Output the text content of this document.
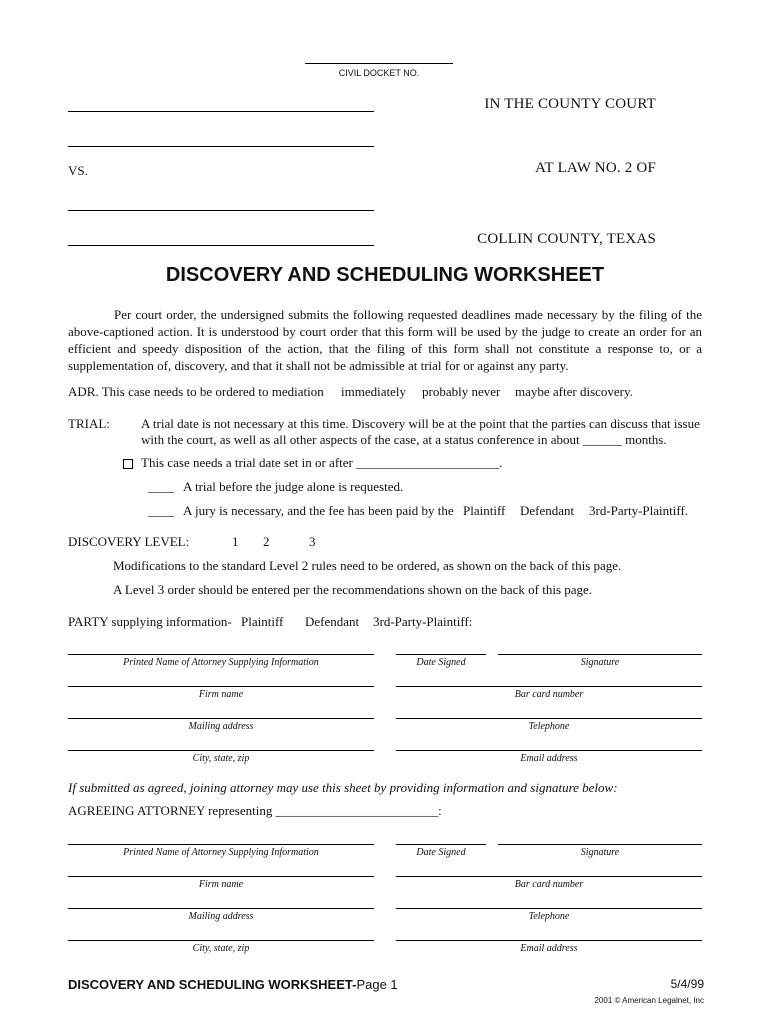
CIVIL DOCKET NO.
VS.
IN THE COUNTY COURT
AT LAW NO. 2 OF
COLLIN COUNTY, TEXAS
DISCOVERY AND SCHEDULING WORKSHEET
Per court order, the undersigned submits the following requested deadlines made necessary by the filing of the above-captioned action. It is understood by court order that this form will be used by the judge to create an order for an efficient and speedy disposition of the action, that the filing of this form shall not constitute a response to, or a supplementation of, discovery, and that it shall not be admissible at trial for or against any party.
ADR. This case needs to be ordered to mediation immediately probably never maybe after discovery.
TRIAL: A trial date is not necessary at this time. Discovery will be at the point that the parties can discuss that issue
with the court, as well as all other aspects of the case, at a status conference in about ______ months.
This case needs a trial date set in or after ______________________.
____   A trial before the judge alone is requested.
____   A jury is necessary, and the fee has been paid by the Plaintiff Defendant 3rd-Party-Plaintiff.
DISCOVERY LEVEL:	1 2	3
Modifications to the standard Level 2 rules need to be ordered, as shown on the back of this page.
A Level 3 order should be entered per the recommendations shown on the back of this page.
PARTY supplying information- Plaintiff Defendant 3rd-Party-Plaintiff:
Printed Name of Attorney Supplying Information	Date Signed	Signature
Firm name	Bar card number
Mailing address	Telephone
City, state, zip	Email address
If submitted as agreed, joining attorney may use this sheet by providing information and signature below:
AGREEING ATTORNEY representing _________________________:
Printed Name of Attorney Supplying Information	Date Signed	Signature
Firm name	Bar card number
Mailing address	Telephone
City, state, zip	Email address
DISCOVERY AND SCHEDULING WORKSHEET-Page 1	5/4/99
2001 © American Legalnet, Inc
